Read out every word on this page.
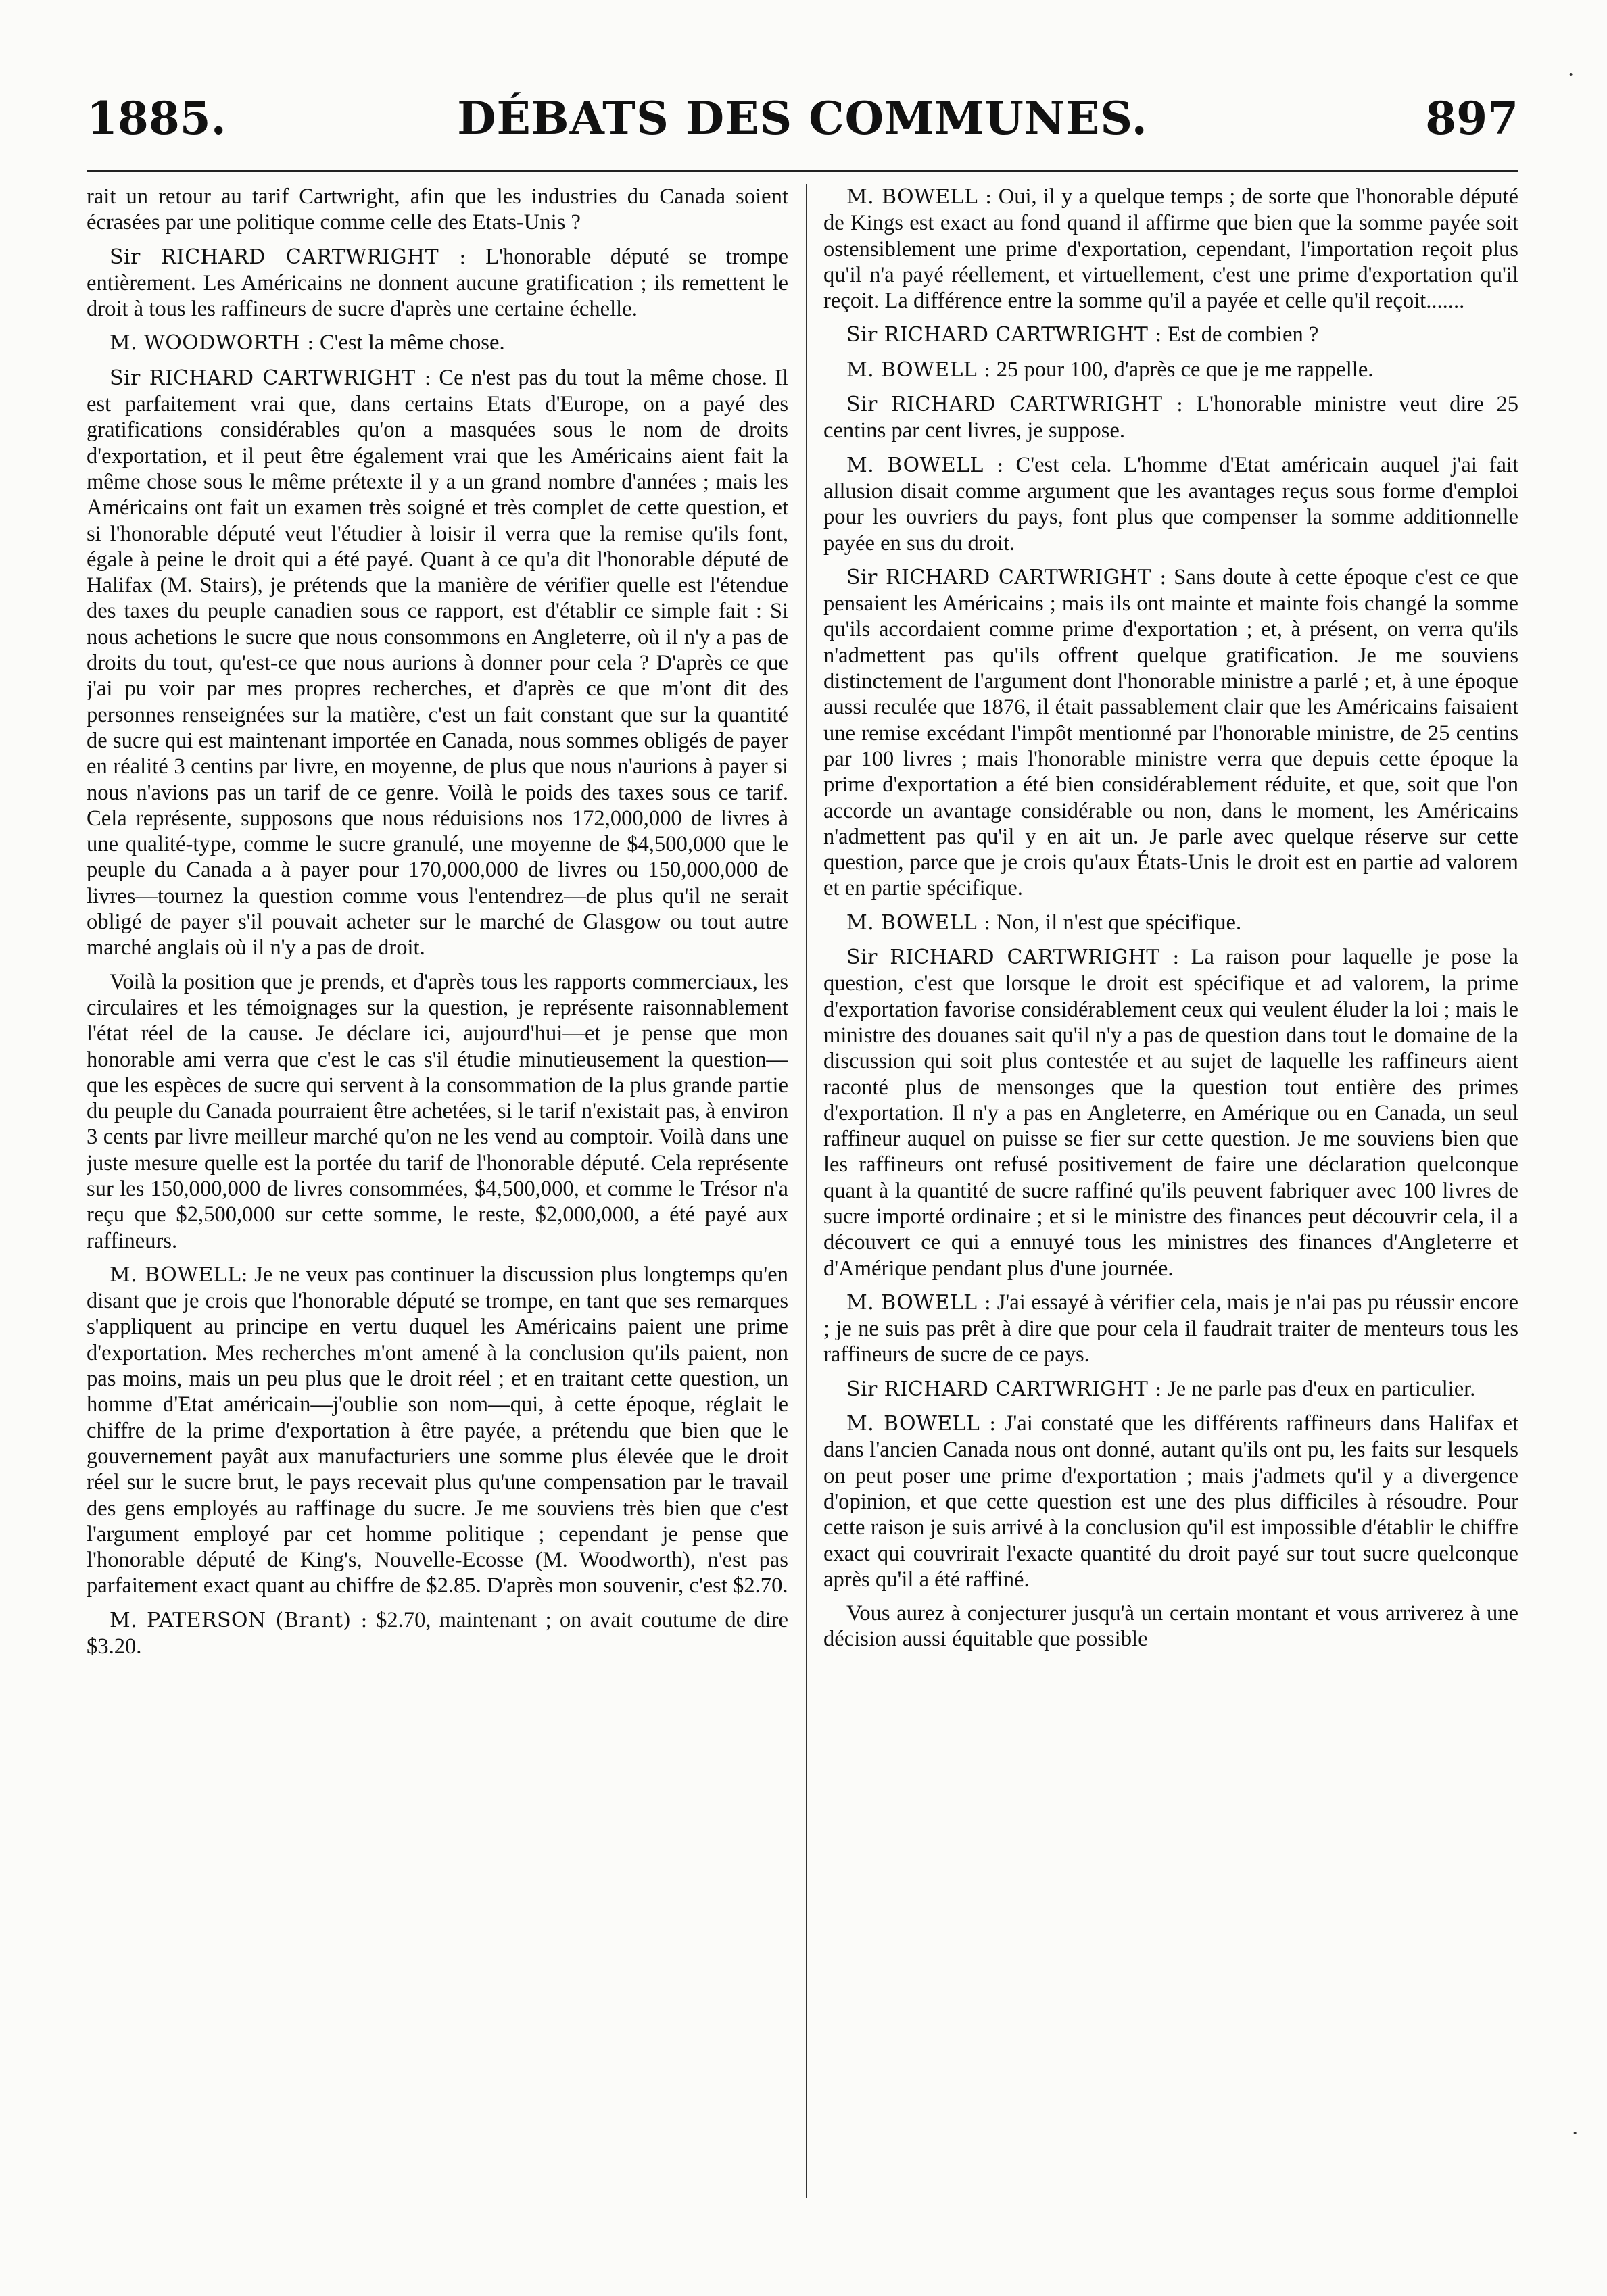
1885.	DÉBATS DES COMMUNES.	897

rait un retour au tarif Cartwright, afin que les industries du Canada soient écrasées par une politique comme celle des Etats-Unis ?

Sir RICHARD CARTWRIGHT : L'honorable député se trompe entièrement. Les Américains ne donnent aucune gratification ; ils remettent le droit à tous les raffineurs de sucre d'après une certaine échelle.

M. WOODWORTH : C'est la même chose.

Sir RICHARD CARTWRIGHT : Ce n'est pas du tout la même chose. Il est parfaitement vrai que, dans certains Etats d'Europe, on a payé des gratifications considérables qu'on a masquées sous le nom de droits d'exportation, et il peut être également vrai que les Américains aient fait la même chose sous le même prétexte il y a un grand nombre d'années ; mais les Américains ont fait un examen très soigné et très complet de cette question, et si l'honorable député veut l'étudier à loisir il verra que la remise qu'ils font, égale à peine le droit qui a été payé. Quant à ce qu'a dit l'honorable député de Halifax (M. Stairs), je prétends que la manière de vérifier quelle est l'étendue des taxes du peuple canadien sous ce rapport, est d'établir ce simple fait : Si nous achetions le sucre que nous consommons en Angleterre, où il n'y a pas de droits du tout, qu'est-ce que nous aurions à donner pour cela ? D'après ce que j'ai pu voir par mes propres recherches, et d'après ce que m'ont dit des personnes renseignées sur la matière, c'est un fait constant que sur la quantité de sucre qui est maintenant importée en Canada, nous sommes obligés de payer en réalité 3 centins par livre, en moyenne, de plus que nous n'aurions à payer si nous n'avions pas un tarif de ce genre. Voilà le poids des taxes sous ce tarif. Cela représente, supposons que nous réduisions nos 172,000,000 de livres à une qualité-type, comme le sucre granulé, une moyenne de $4,500,000 que le peuple du Canada a à payer pour 170,000,000 de livres ou 150,000,000 de livres—tournez la question comme vous l'entendrez—de plus qu'il ne serait obligé de payer s'il pouvait acheter sur le marché de Glasgow ou tout autre marché anglais où il n'y a pas de droit.

Voilà la position que je prends, et d'après tous les rapports commerciaux, les circulaires et les témoignages sur la question, je représente raisonnablement l'état réel de la cause. Je déclare ici, aujourd'hui—et je pense que mon honorable ami verra que c'est le cas s'il étudie minutieusement la question—que les espèces de sucre qui servent à la consommation de la plus grande partie du peuple du Canada pourraient être achetées, si le tarif n'existait pas, à environ 3 cents par livre meilleur marché qu'on ne les vend au comptoir. Voilà dans une juste mesure quelle est la portée du tarif de l'honorable député. Cela représente sur les 150,000,000 de livres consommées, $4,500,000, et comme le Trésor n'a reçu que $2,500,000 sur cette somme, le reste, $2,000,000, a été payé aux raffineurs.

M. BOWELL: Je ne veux pas continuer la discussion plus longtemps qu'en disant que je crois que l'honorable député se trompe, en tant que ses remarques s'appliquent au principe en vertu duquel les Américains paient une prime d'exportation. Mes recherches m'ont amené à la conclusion qu'ils paient, non pas moins, mais un peu plus que le droit réel ; et en traitant cette question, un homme d'Etat américain—j'oublie son nom—qui, à cette époque, réglait le chiffre de la prime d'exportation à être payée, a prétendu que bien que le gouvernement payât aux manufacturiers une somme plus élevée que le droit réel sur le sucre brut, le pays recevait plus qu'une compensation par le travail des gens employés au raffinage du sucre. Je me souviens très bien que c'est l'argument employé par cet homme politique ; cependant je pense que l'honorable député de King's, Nouvelle-Ecosse (M. Woodworth), n'est pas parfaitement exact quant au chiffre de $2.85. D'après mon souvenir, c'est $2.70.

M. PATERSON (Brant) : $2.70, maintenant ; on avait coutume de dire $3.20.

M. BOWELL : Oui, il y a quelque temps ; de sorte que l'honorable député de Kings est exact au fond quand il affirme que bien que la somme payée soit ostensiblement une prime d'exportation, cependant, l'importation reçoit plus qu'il n'a payé réellement, et virtuellement, c'est une prime d'exportation qu'il reçoit. La différence entre la somme qu'il a payée et celle qu'il reçoit.......

Sir RICHARD CARTWRIGHT : Est de combien ?

M. BOWELL : 25 pour 100, d'après ce que je me rappelle.

Sir RICHARD CARTWRIGHT : L'honorable ministre veut dire 25 centins par cent livres, je suppose.

M. BOWELL : C'est cela. L'homme d'Etat américain auquel j'ai fait allusion disait comme argument que les avantages reçus sous forme d'emploi pour les ouvriers du pays, font plus que compenser la somme additionnelle payée en sus du droit.

Sir RICHARD CARTWRIGHT : Sans doute à cette époque c'est ce que pensaient les Américains ; mais ils ont mainte et mainte fois changé la somme qu'ils accordaient comme prime d'exportation ; et, à présent, on verra qu'ils n'admettent pas qu'ils offrent quelque gratification. Je me souviens distinctement de l'argument dont l'honorable ministre a parlé ; et, à une époque aussi reculée que 1876, il était passablement clair que les Américains faisaient une remise excédant l'impôt mentionné par l'honorable ministre, de 25 centins par 100 livres ; mais l'honorable ministre verra que depuis cette époque la prime d'exportation a été bien considérablement réduite, et que, soit que l'on accorde un avantage considérable ou non, dans le moment, les Américains n'admettent pas qu'il y en ait un. Je parle avec quelque réserve sur cette question, parce que je crois qu'aux États-Unis le droit est en partie ad valorem et en partie spécifique.

M. BOWELL : Non, il n'est que spécifique.

Sir RICHARD CARTWRIGHT : La raison pour laquelle je pose la question, c'est que lorsque le droit est spécifique et ad valorem, la prime d'exportation favorise considérablement ceux qui veulent éluder la loi ; mais le ministre des douanes sait qu'il n'y a pas de question dans tout le domaine de la discussion qui soit plus contestée et au sujet de laquelle les raffineurs aient raconté plus de mensonges que la question tout entière des primes d'exportation. Il n'y a pas en Angleterre, en Amérique ou en Canada, un seul raffineur auquel on puisse se fier sur cette question. Je me souviens bien que les raffineurs ont refusé positivement de faire une déclaration quelconque quant à la quantité de sucre raffiné qu'ils peuvent fabriquer avec 100 livres de sucre importé ordinaire ; et si le ministre des finances peut découvrir cela, il a découvert ce qui a ennuyé tous les ministres des finances d'Angleterre et d'Amérique pendant plus d'une journée.

M. BOWELL : J'ai essayé à vérifier cela, mais je n'ai pas pu réussir encore ; je ne suis pas prêt à dire que pour cela il faudrait traiter de menteurs tous les raffineurs de sucre de ce pays.

Sir RICHARD CARTWRIGHT : Je ne parle pas d'eux en particulier.

M. BOWELL : J'ai constaté que les différents raffineurs dans Halifax et dans l'ancien Canada nous ont donné, autant qu'ils ont pu, les faits sur lesquels on peut poser une prime d'exportation ; mais j'admets qu'il y a divergence d'opinion, et que cette question est une des plus difficiles à résoudre. Pour cette raison je suis arrivé à la conclusion qu'il est impossible d'établir le chiffre exact qui couvrirait l'exacte quantité du droit payé sur tout sucre quelconque après qu'il a été raffiné.

Vous aurez à conjecturer jusqu'à un certain montant et vous arriverez à une décision aussi équitable que possible

·
·
